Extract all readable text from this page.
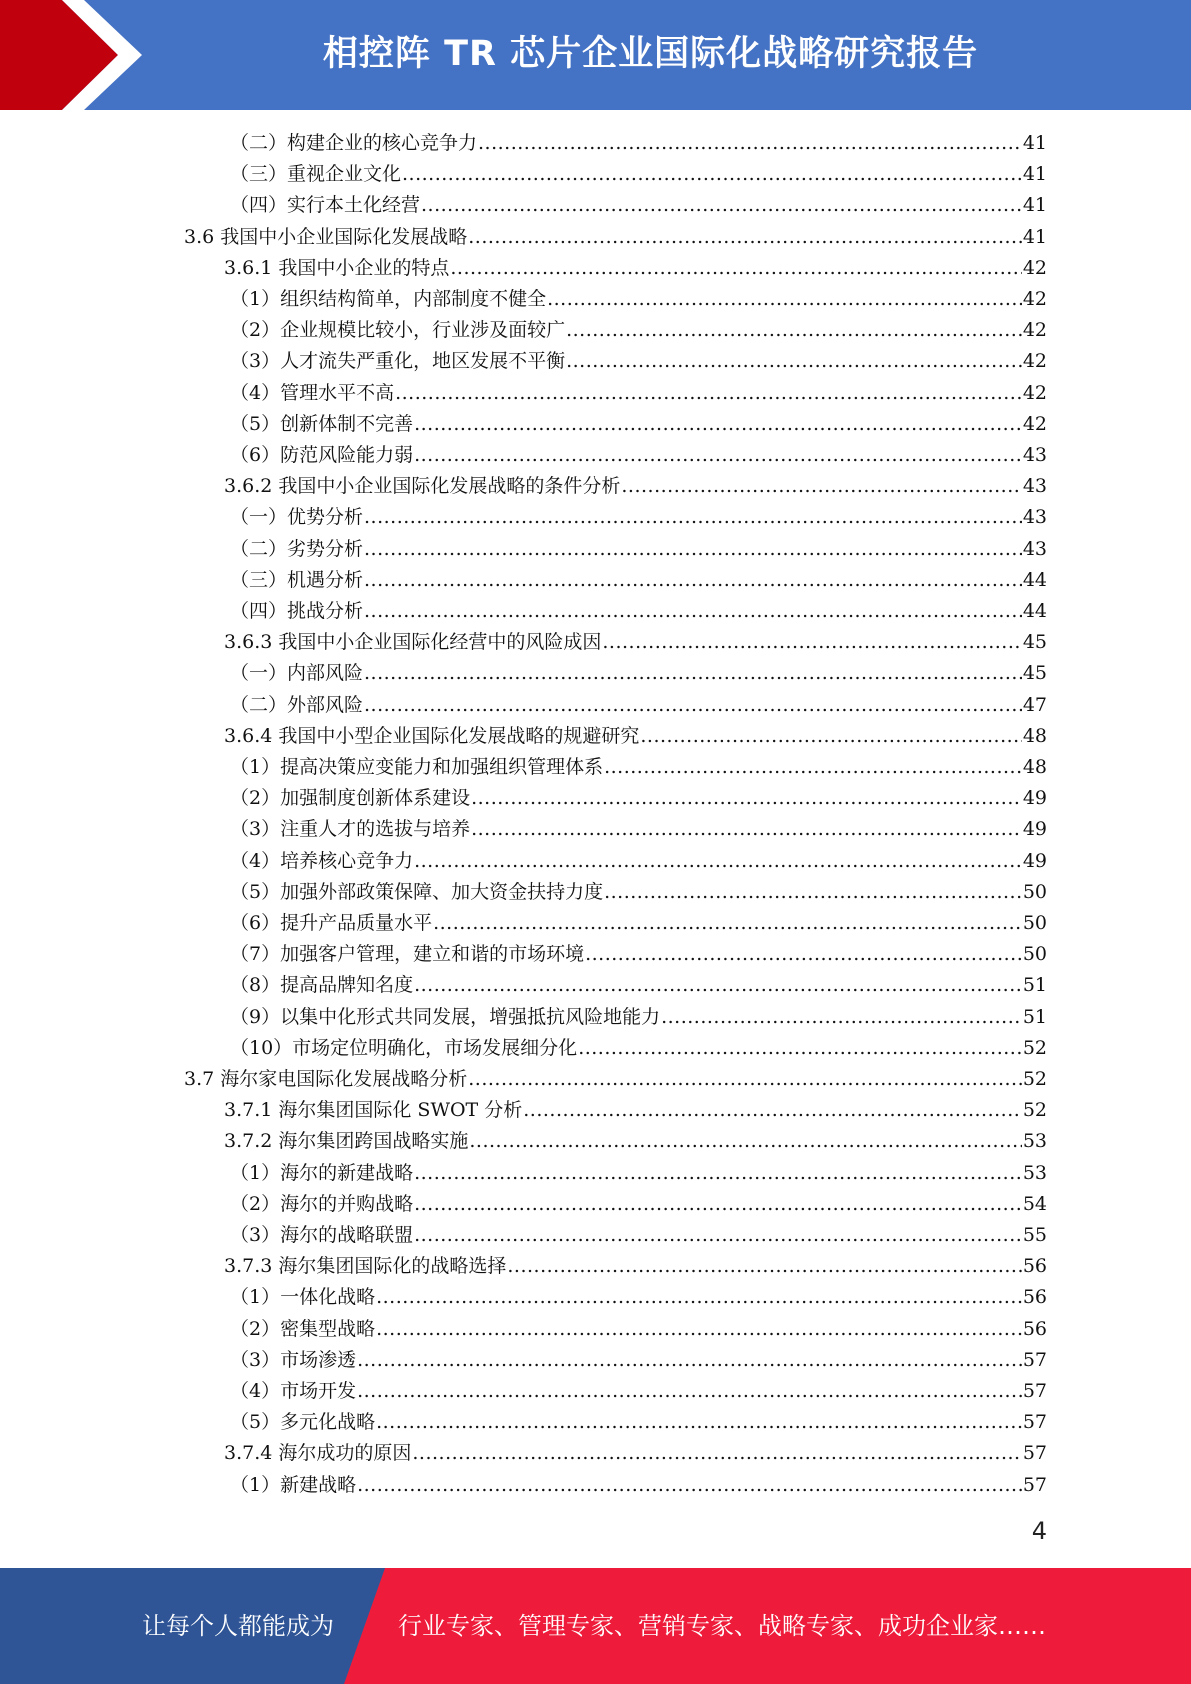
相控阵 TR 芯片企业国际化战略研究报告
（二）构建企业的核心竞争力 .....	41
（三）重视企业文化 .....	41
（四）实行本土化经营 .....	41
3.6 我国中小企业国际化发展战略 .....	41
3.6.1 我国中小企业的特点 .....	42
（1）组织结构简单，内部制度不健全 .....	42
（2）企业规模比较小，行业涉及面较广 .....	42
（3）人才流失严重化，地区发展不平衡 .....	42
（4）管理水平不高 .....	42
（5）创新体制不完善 .....	42
（6）防范风险能力弱 .....	43
3.6.2 我国中小企业国际化发展战略的条件分析 .....	43
（一）优势分析 .....	43
（二）劣势分析 .....	43
（三）机遇分析 .....	44
（四）挑战分析 .....	44
3.6.3 我国中小企业国际化经营中的风险成因 .....	45
（一）内部风险 .....	45
（二）外部风险 .....	47
3.6.4 我国中小型企业国际化发展战略的规避研究 .....	48
（1）提高决策应变能力和加强组织管理体系 .....	48
（2）加强制度创新体系建设 .....	49
（3）注重人才的选拔与培养 .....	49
（4）培养核心竞争力 .....	49
（5）加强外部政策保障、加大资金扶持力度 .....	50
（6）提升产品质量水平 .....	50
（7）加强客户管理，建立和谐的市场环境 .....	50
（8）提高品牌知名度 .....	51
（9）以集中化形式共同发展，增强抵抗风险地能力 .....	51
（10）市场定位明确化，市场发展细分化 .....	52
3.7 海尔家电国际化发展战略分析 .....	52
3.7.1 海尔集团国际化 SWOT 分析 .....	52
3.7.2 海尔集团跨国战略实施 .....	53
（1）海尔的新建战略 .....	53
（2）海尔的并购战略 .....	54
（3）海尔的战略联盟 .....	55
3.7.3 海尔集团国际化的战略选择 .....	56
（1）一体化战略 .....	56
（2）密集型战略 .....	56
（3）市场渗透 .....	57
（4）市场开发 .....	57
（5）多元化战略 .....	57
3.7.4 海尔成功的原因 .....	57
（1）新建战略 .....	57
4
让每个人都能成为	行业专家、管理专家、营销专家、战略专家、成功企业家……
